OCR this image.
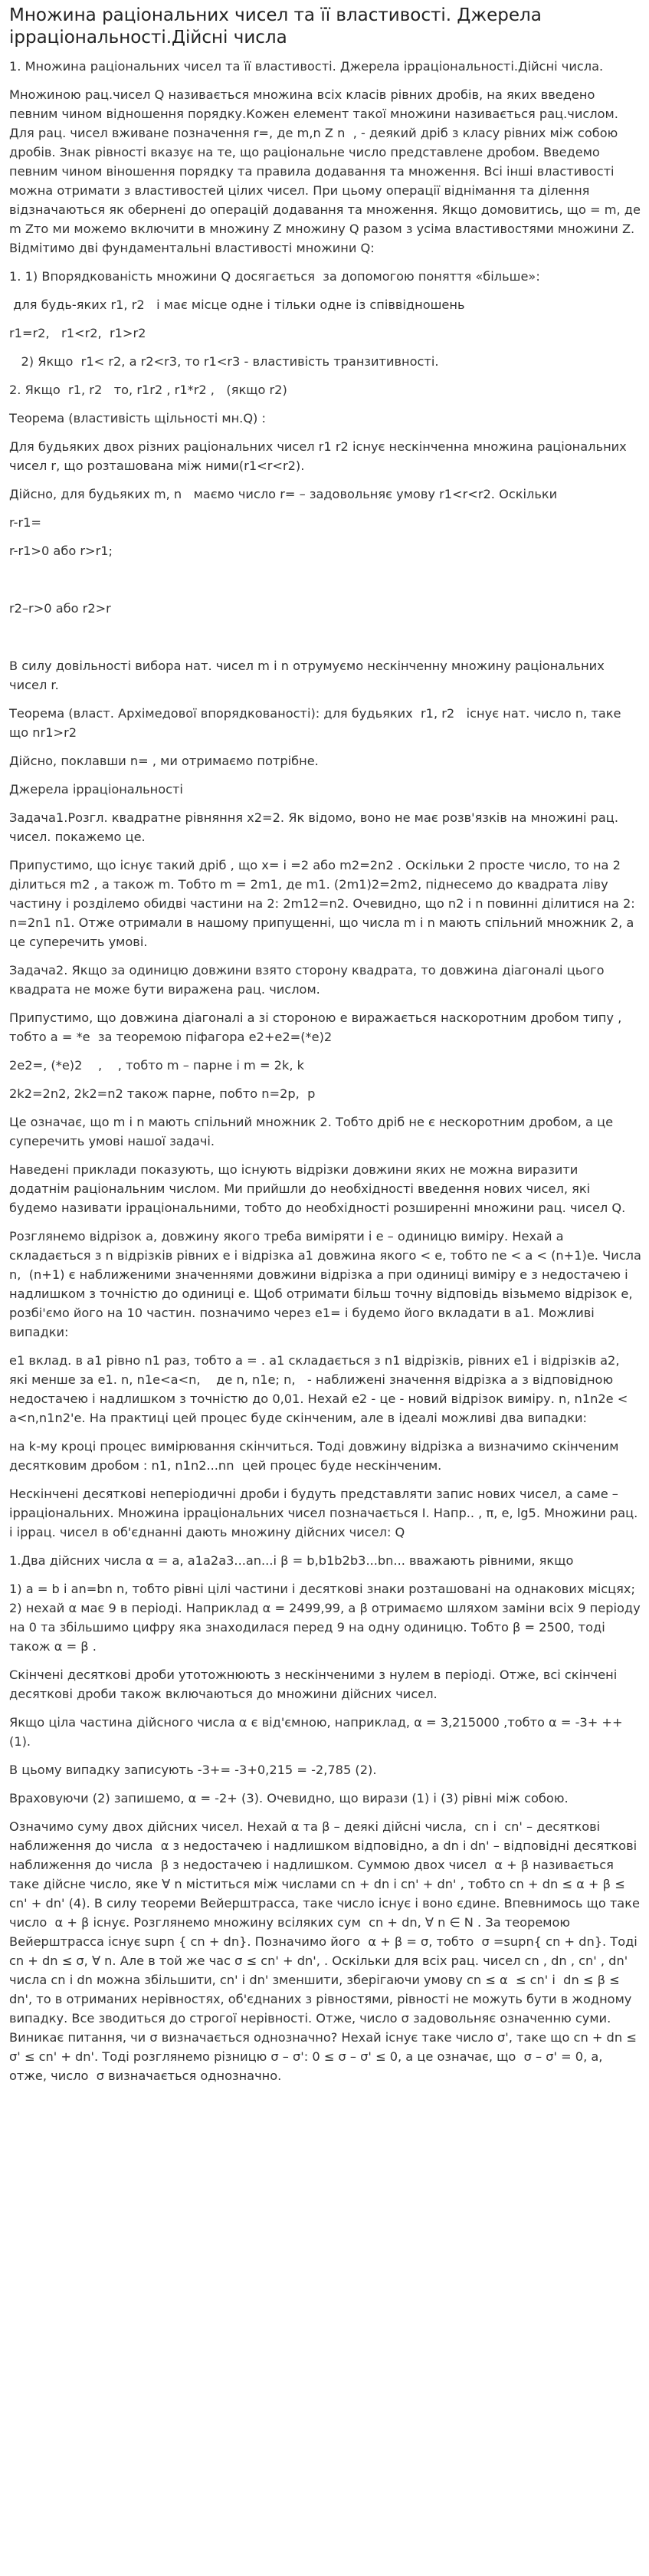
Множина раціональних чисел та її властивості. Джерела ірраціональності.Дійсні числа

1. Множина раціональних чисел та її властивості. Джерела ірраціональності.Дійсні числа.

Множиною рац.чисел Q називається множина всіх класів рівних дробів, на яких введено певним чином відношення порядку.Кожен елемент такої множини називається рац.числом. Для рац. чисел вживане позначення r=, де m,n Z n  , - деякий дріб з класу рівних між собою дробів. Знак рівності вказує на те, що раціональне число представлене дробом. Введемо певним чином віношення порядку та правила додавання та множення. Всі інші властивості можна отримати з властивостей цілих чисел. При цьому операції віднімання та ділення відзначаються як обернені до операцій додавання та множення. Якщо домовитись, що = m, де m Zто ми можемо включити в множину Z множину Q разом з усіма властивостями множини Z. Відмітимо дві фундаментальні властивості множини Q:

1. 1) Впорядкованість множини Q досягається  за допомогою поняття «більше»:

для будь-яких r1, r2   і має місце одне і тільки одне із співвідношень

r1=r2,   r1<r2,  r1>r2

2) Якщо  r1< r2, а r2<r3, то r1<r3 - властивість транзитивності.

2. Якщо  r1, r2   то, r1r2 , r1*r2 ,   (якщо r2)

Теорема (властивість щільності мн.Q) :

Для будьяких двох різних раціональних чисел r1 r2 існує нескінченна множина раціональних чисел r, що розташована між ними(r1<r<r2).

Дійсно, для будьяких m, n   маємо число r= – задовольняє умову r1<r<r2. Оскільки

r-r1=

r-r1>0 або r>r1;

r2–r>0 або r2>r

В силу довільності вибора нат. чисел m і n отрумуємо нескінченну множину раціональних чисел r.

Теорема (власт. Архімедової впорядкованості): для будьяких  r1, r2   існує нат. число n, таке що nr1>r2

Дійсно, поклавши n= , ми отримаємо потрібне.

Джерела ірраціональності

Задача1.Розгл. квадратне рівняння х2=2. Як відомо, воно не має розв'язків на множині рац. чисел. покажемо це.

Припустимо, що існує такий дріб , що х= і =2 або m2=2n2 . Оскільки 2 просте число, то на 2 ділиться m2 , а також m. Тобто m = 2m1, де m1. (2m1)2=2m2, піднесемо до квадрата ліву частину і розділемо обидві частини на 2: 2m12=n2. Очевидно, що n2 і n повинні ділитися на 2: n=2n1 n1. Отже отримали в нашому припущенні, що числа m і n мають спільний множник 2, а це суперечить умові.

Задача2. Якщо за одиницю довжини взято сторону квадрата, то довжина діагоналі цього квадрата не може бути виражена рац. числом.

Припустимо, що довжина діагоналі a зі стороною e виражається наскоротним дробом типу , тобто а = *e  за теоремою піфагора е2+е2=(*e)2

2е2=, (*е)2    ,    , тобто m – парне і m = 2k, k

2k2=2n2, 2k2=n2 також парне, побто n=2p,  p

Це означає, що m і n мають спільний множник 2. Тобто дріб не є нескоротним дробом, а це суперечить умові нашої задачі.

Наведені приклади показують, що існують відрізки довжини яких не можна виразити додатнім раціональним числом. Ми прийшли до необхідності введення нових чисел, які будемо називати ірраціональними, тобто до необхідності розширенні множини рац. чисел Q.

Розглянемо відрізок а, довжину якого треба виміряти і е – одиницю виміру. Нехай а складається з n відрізків рівних е і відрізка а1 довжина якого < e, тобто ne < a < (n+1)e. Числа n,  (n+1) є наближеними значеннями довжини відрізка а при одиниці виміру е з недостачею і надлишком з точністю до одиниці е. Щоб отримати більш точну відповідь візьмемо відрізок е, розбі'ємо його на 10 частин. позначимо через е1= і будемо його вкладати в а1. Можливі випадки:

е1 вклад. в а1 рівно n1 раз, тобто а = . а1 складається з n1 відрізків, рівних е1 і відрізків а2, які менше за е1. n, n1e<a<n,    де n, n1e; n,   - наближені значення відрізка а з відповідною недостачею і надлишком з точністю до 0,01. Нехай е2 - це - новий відрізок виміру. n, n1n2e < a<n,n1n2'e. На практиці цей процес буде скінченим, але в ідеалі можливі два випадки:

на k-му кроці процес вимірювання скінчиться. Тоді довжину відрізка а визначимо скінченим десятковим дробом : n1, n1n2...nn  цей процес буде нескінченим.

Нескінчені десяткові неперіодичні дроби і будуть представляти запис нових чисел, а саме – ірраціональних. Множина ірраціональних чисел позначається І. Напр.. , π, e, lg5. Множини рац. і іррац. чисел в об'єднанні дають множину дійсних чисел: Q

1.Два дійсних числа α = а, a1a2a3...an...і β = b,b1b2b3...bn... вважають рівними, якщо

1) a = b і an=bn n, тобто рівні цілі частини і десяткові знаки розташовані на однакових місцях; 2) нехай α має 9 в періоді. Наприклад α = 2499,99, а β отримаємо шляхом заміни всіх 9 періоду на 0 та збільшимо цифру яка знаходилася перед 9 на одну одиницю. Тобто β = 2500, тоді також α = β .

Скінчені десяткові дроби утотожнюють з нескінченими з нулем в періоді. Отже, всі скінчені десяткові дроби також включаються до множини дійсних чисел.

Якщо ціла частина дійсного числа α є від'ємною, наприклад, α = 3,215000 ,тобто α = -3+ ++ (1).

В цьому випадку записують -3+= -3+0,215 = -2,785 (2).

Враховуючи (2) запишемо, α = -2+ (3). Очевидно, що вирази (1) і (3) рівні між собою.

Означимо суму двох дійсних чисел. Нехай α та β – деякі дійсні числа,  cn і  cn' – десяткові наближення до числа  α з недостачею і надлишком відповідно, а dn і dn' – відповідні десяткові наближення до числа  β з недостачею і надлишком. Суммою двох чисел  α + β називається таке дійсне число, яке ∀ n міститься між числами cn + dn і cn' + dn' , тобто cn + dn ≤ α + β ≤ cn' + dn' (4). В силу теореми Вейерштрасса, таке число існує і воно єдине. Впевнимось що таке число  α + β існує. Розглянемо множину всіляких сум  cn + dn, ∀ n ∈ N . За теоремою Вейерштрасса існує supn { cn + dn}. Позначимо його  α + β = σ, тобто  σ =supn{ cn + dn}. Тоді  cn + dn ≤ σ, ∀ n. Але в той же час σ ≤ cn' + dn', . Оскільки для всіх рац. чисел cn , dn , cn' , dn' числа cn і dn можна збільшити, cn' і dn' зменшити, зберігаючи умову cn ≤ α  ≤ cn' і  dn ≤ β ≤ dn', то в отриманих нерівностях, об'єднаних з рівностями, рівності не можуть бути в жодному випадку. Все зводиться до строгої нерівності. Отже, число σ задовольняє означенню суми. Виникає питання, чи σ визначається однозначно? Нехай існує таке число σ', таке що cn + dn ≤ σ' ≤ cn' + dn'. Тоді розглянемо різницю σ – σ': 0 ≤ σ – σ' ≤ 0, а це означає, що  σ – σ' = 0, а, отже, число  σ визначається однозначно.
